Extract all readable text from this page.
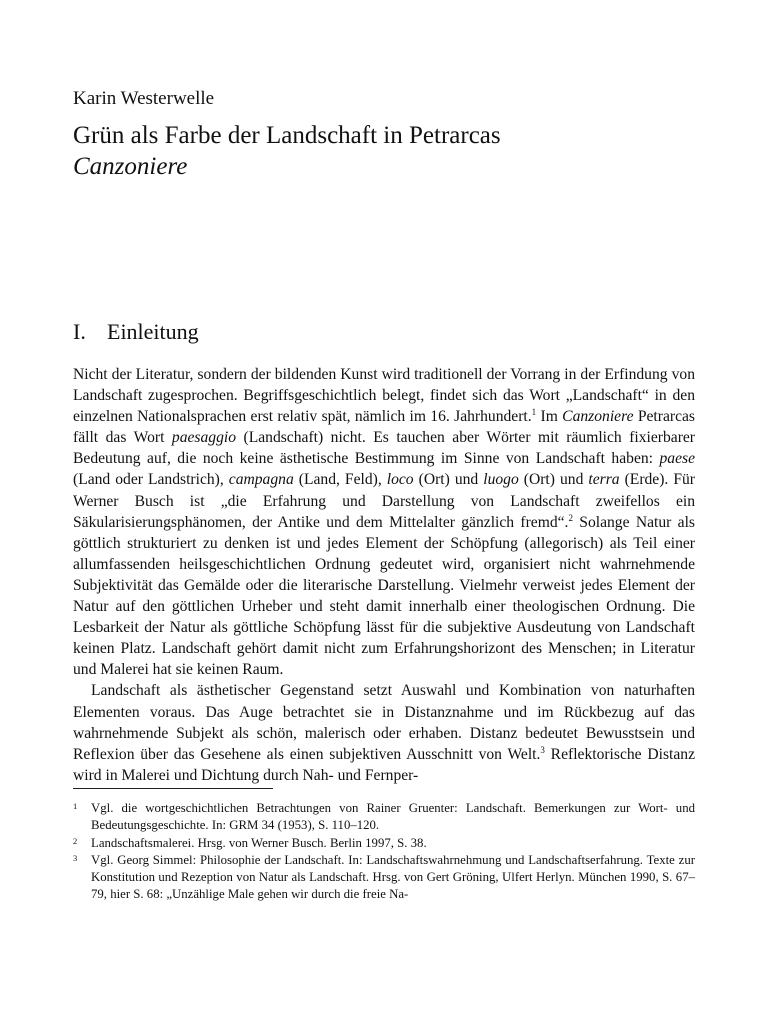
Karin Westerwelle
Grün als Farbe der Landschaft in Petrarcas
Canzoniere
I. Einleitung

Nicht der Literatur, sondern der bildenden Kunst wird traditionell der Vorrang in der Erfindung von Landschaft zugesprochen. Begriffsgeschichtlich belegt, findet sich das Wort „Landschaft“ in den einzelnen Nationalsprachen erst relativ spät, nämlich im 16. Jahrhundert.$^1$ Im Canzoniere Petrarcas fällt das Wort paesaggio (Landschaft) nicht. Es tauchen aber Wörter mit räumlich fixierbarer Bedeutung auf, die noch keine ästhetische Bestimmung im Sinne von Landschaft haben: paese (Land oder Landstrich), campagna (Land, Feld), loco (Ort) und luogo (Ort) und terra (Erde). Für Werner Busch ist „die Erfahrung und Darstellung von Landschaft zweifellos ein Säkularisierungsphänomen, der Antike und dem Mittelalter gänzlich fremd“.$^2$ Solange Natur als göttlich strukturiert zu denken ist und jedes Element der Schöpfung (allegorisch) als Teil einer allumfassenden heilsgeschichtlichen Ordnung gedeutet wird, organisiert nicht wahrnehmende Subjektivität das Gemälde oder die literarische Darstellung. Vielmehr verweist jedes Element der Natur auf den göttlichen Urheber und steht damit innerhalb einer theologischen Ordnung. Die Lesbarkeit der Natur als göttliche Schöpfung lässt für die subjektive Ausdeutung von Landschaft keinen Platz. Landschaft gehört damit nicht zum Erfahrungshorizont des Menschen; in Literatur und Malerei hat sie keinen Raum.

Landschaft als ästhetischer Gegenstand setzt Auswahl und Kombination von naturhaften Elementen voraus. Das Auge betrachtet sie in Distanznahme und im Rückbezug auf das wahrnehmende Subjekt als schön, malerisch oder erhaben. Distanz bedeutet Bewusstsein und Reflexion über das Gesehene als einen subjektiven Ausschnitt von Welt.$^3$ Reflektorische Distanz wird in Malerei und Dichtung durch Nah- und Fernper-

1	Vgl. die wortgeschichtlichen Betrachtungen von Rainer Gruenter: Landschaft. Bemerkungen zur Wort- und Bedeutungsgeschichte. In: GRM 34 (1953), S. 110–120.
2	Landschaftsmalerei. Hrsg. von Werner Busch. Berlin 1997, S. 38.
3	Vgl. Georg Simmel: Philosophie der Landschaft. In: Landschaftswahrnehmung und Landschaftserfahrung. Texte zur Konstitution und Rezeption von Natur als Landschaft. Hrsg. von Gert Gröning, Ulfert Herlyn. München 1990, S. 67–79, hier S. 68: „Unzählige Male gehen wir durch die freie Na-
